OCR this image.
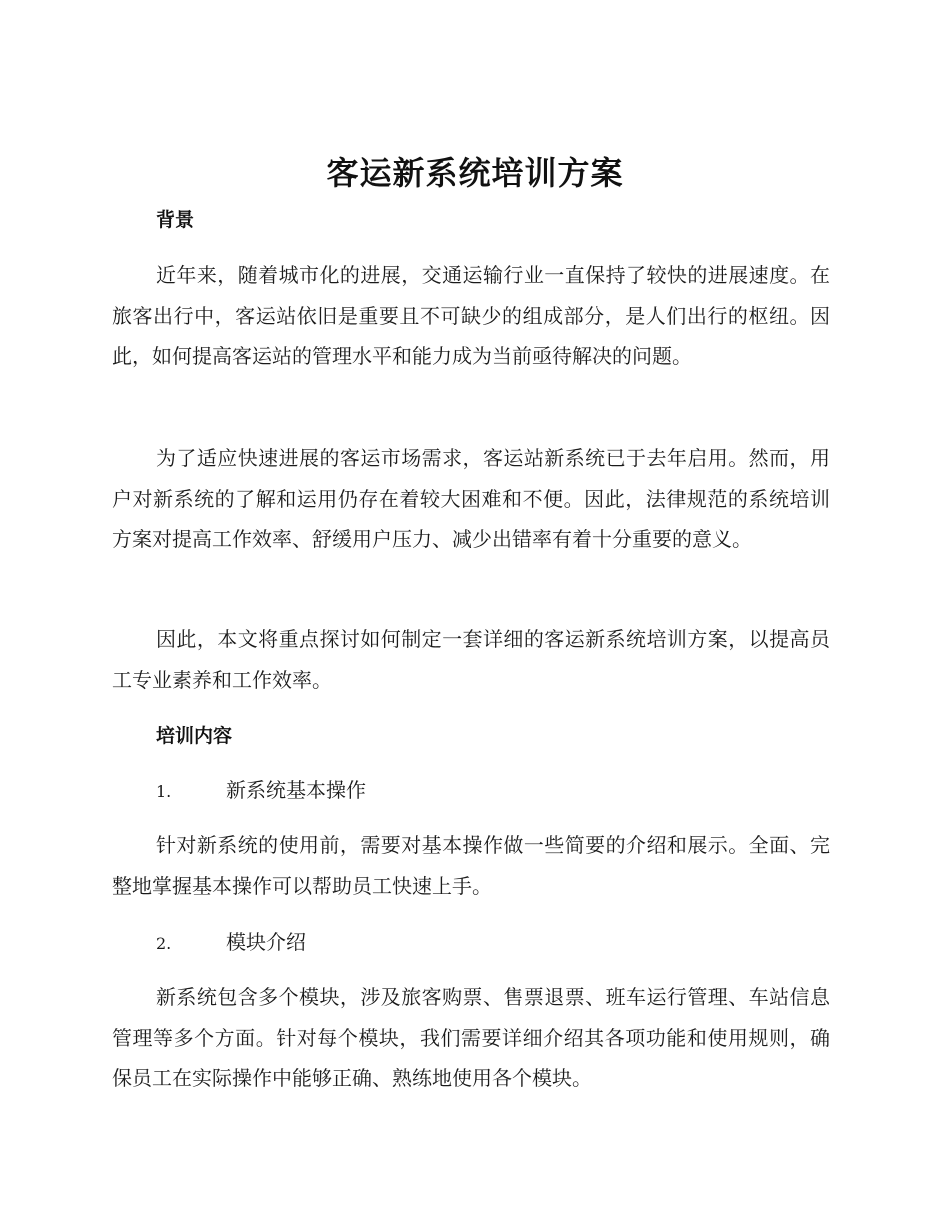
客运新系统培训方案
背景

近年来，随着城市化的进展，交通运输行业一直保持了较快的进展速度。在旅客出行中，客运站依旧是重要且不可缺少的组成部分，是人们出行的枢纽。因此，如何提高客运站的管理水平和能力成为当前亟待解决的问题。

为了适应快速进展的客运市场需求，客运站新系统已于去年启用。然而，用户对新系统的了解和运用仍存在着较大困难和不便。因此，法律规范的系统培训方案对提高工作效率、舒缓用户压力、减少出错率有着十分重要的意义。

因此，本文将重点探讨如何制定一套详细的客运新系统培训方案，以提高员工专业素养和工作效率。

培训内容
1.	新系统基本操作

针对新系统的使用前，需要对基本操作做一些简要的介绍和展示。全面、完整地掌握基本操作可以帮助员工快速上手。

2.	模块介绍

新系统包含多个模块，涉及旅客购票、售票退票、班车运行管理、车站信息管理等多个方面。针对每个模块，我们需要详细介绍其各项功能和使用规则，确保员工在实际操作中能够正确、熟练地使用各个模块。
